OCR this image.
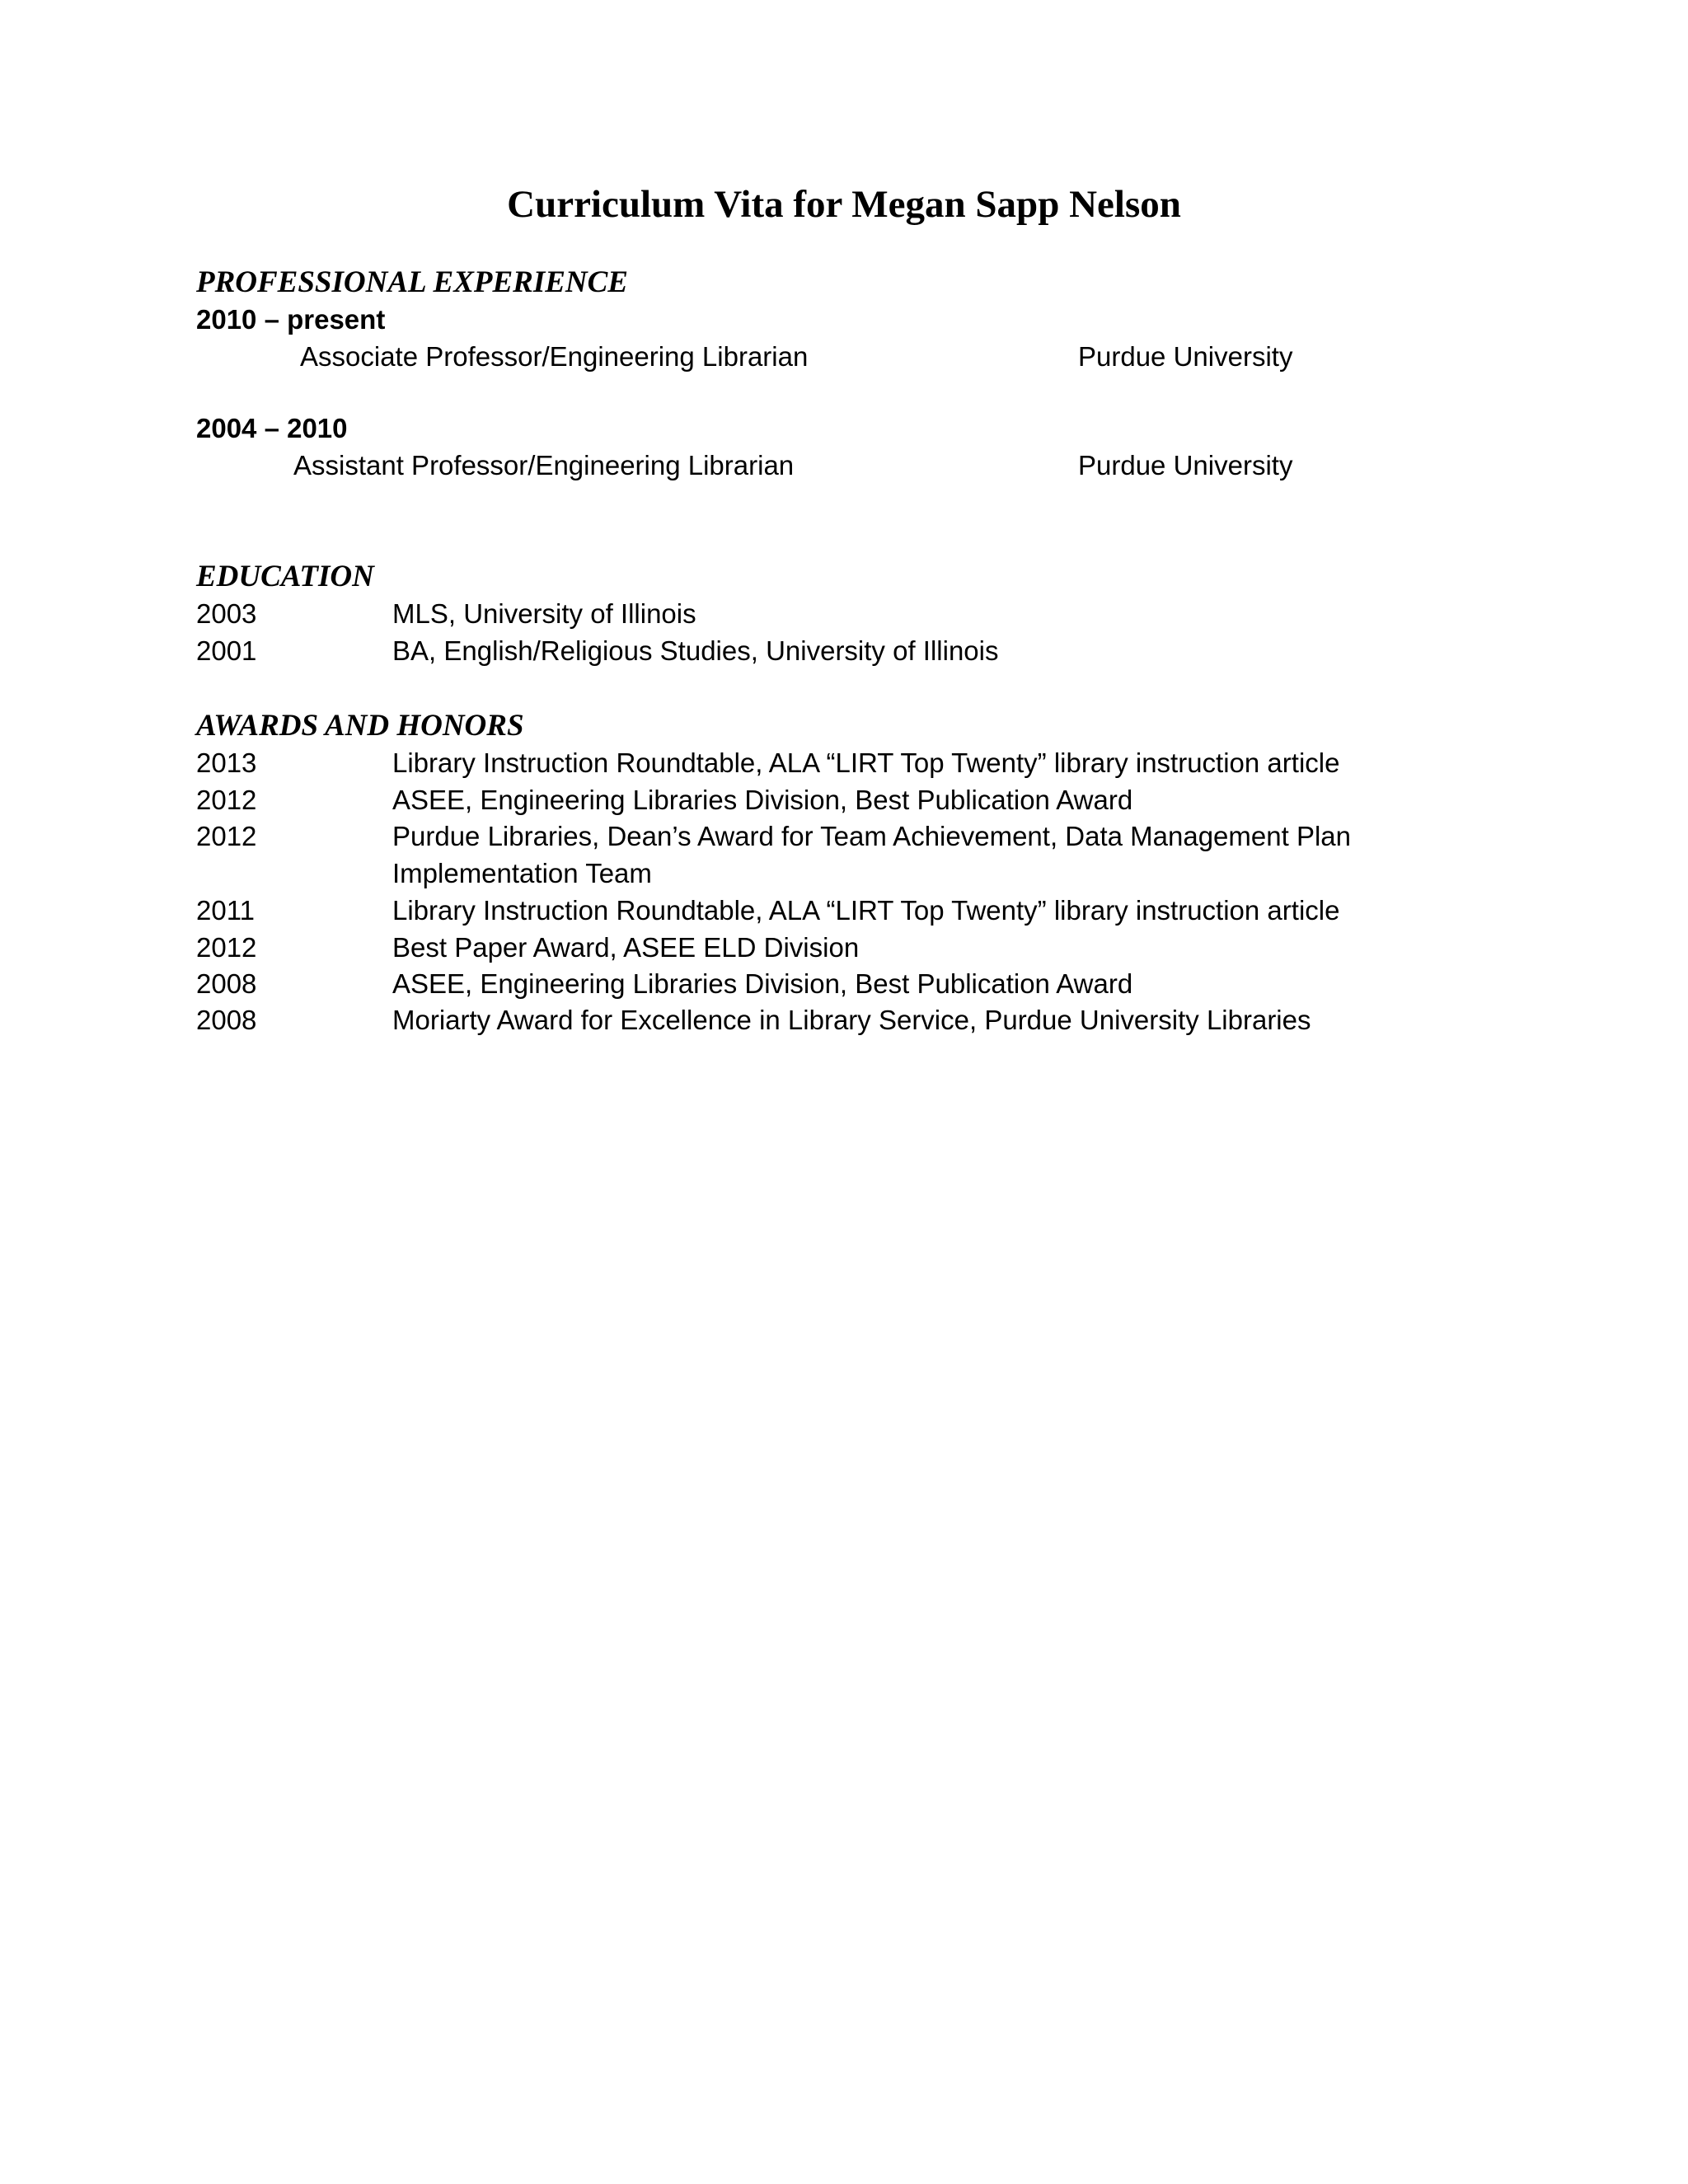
Curriculum Vita for Megan Sapp Nelson
PROFESSIONAL EXPERIENCE
2010 – present
Associate Professor/Engineering Librarian	Purdue University
2004 – 2010
Assistant Professor/Engineering Librarian	Purdue University
EDUCATION
2003	MLS, University of Illinois
2001	BA, English/Religious Studies, University of Illinois
AWARDS AND HONORS
2013	Library Instruction Roundtable, ALA “LIRT Top Twenty” library instruction article
2012	ASEE, Engineering Libraries Division, Best Publication Award
2012	Purdue Libraries, Dean’s Award for Team Achievement, Data Management Plan
Implementation Team
2011	Library Instruction Roundtable, ALA “LIRT Top Twenty” library instruction article
2012	Best Paper Award, ASEE ELD Division
2008	ASEE, Engineering Libraries Division, Best Publication Award
2008	Moriarty Award for Excellence in Library Service, Purdue University Libraries
